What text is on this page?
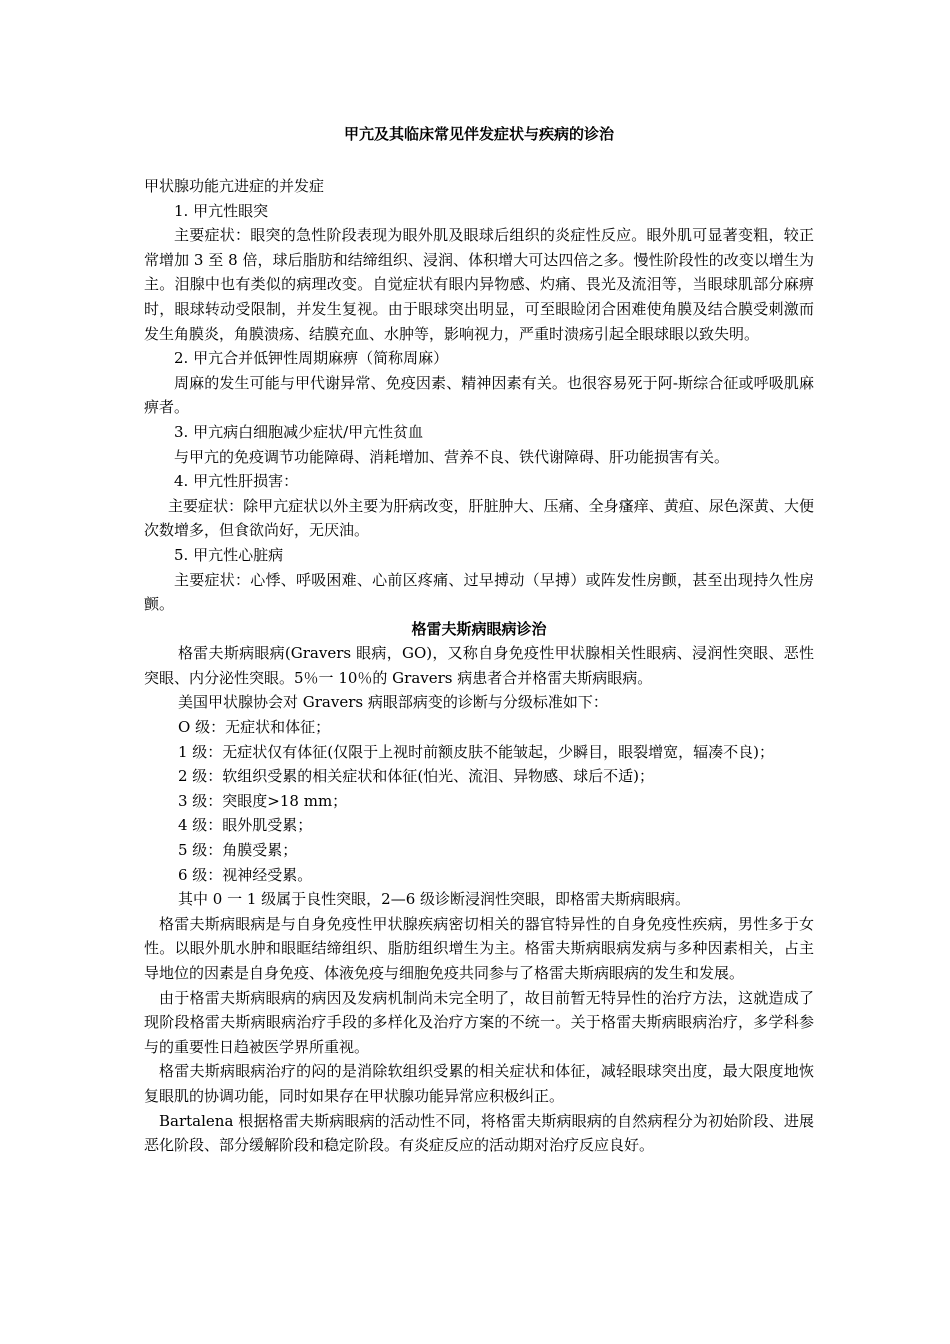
甲亢及其临床常见伴发症状与疾病的诊治

甲状腺功能亢进症的并发症

1. 甲亢性眼突

主要症状：眼突的急性阶段表现为眼外肌及眼球后组织的炎症性反应。眼外肌可显著变粗，较正常增加 3 至 8 倍，球后脂肪和结缔组织、浸润、体积增大可达四倍之多。慢性阶段性的改变以增生为主。泪腺中也有类似的病理改变。自觉症状有眼内异物感、灼痛、畏光及流泪等，当眼球肌部分麻痹时，眼球转动受限制，并发生复视。由于眼球突出明显，可至眼睑闭合困难使角膜及结合膜受刺激而发生角膜炎，角膜溃疡、结膜充血、水肿等，影响视力，严重时溃疡引起全眼球眼以致失明。

2. 甲亢合并低钾性周期麻痹（简称周麻）

周麻的发生可能与甲代谢异常、免疫因素、精神因素有关。也很容易死于阿-斯综合征或呼吸肌麻痹者。

3. 甲亢病白细胞减少症状/甲亢性贫血

与甲亢的免疫调节功能障碍、消耗增加、营养不良、铁代谢障碍、肝功能损害有关。

4. 甲亢性肝损害：

主要症状：除甲亢症状以外主要为肝病改变，肝脏肿大、压痛、全身瘙痒、黄疸、尿色深黄、大便次数增多，但食欲尚好，无厌油。

5. 甲亢性心脏病

主要症状：心悸、呼吸困难、心前区疼痛、过早搏动（早搏）或阵发性房颤，甚至出现持久性房颤。

格雷夫斯病眼病诊治

格雷夫斯病眼病(Gravers 眼病，GO)，又称自身免疫性甲状腺相关性眼病、浸润性突眼、恶性突眼、内分泌性突眼。5％一 10％的 Gravers 病患者合并格雷夫斯病眼病。

美国甲状腺协会对 Gravers 病眼部病变的诊断与分级标准如下：

O 级：无症状和体征；

1 级：无症状仅有体征(仅限于上视时前额皮肤不能皱起，少瞬目，眼裂增宽，辐凑不良)；

2 级：软组织受累的相关症状和体征(怕光、流泪、异物感、球后不适)；

3 级：突眼度>18 mm；

4 级：眼外肌受累；

5 级：角膜受累；

6 级：视神经受累。

其中 0 一 1 级属于良性突眼，2—6 级诊断浸润性突眼，即格雷夫斯病眼病。

格雷夫斯病眼病是与自身免疫性甲状腺疾病密切相关的器官特异性的自身免疫性疾病，男性多于女性。以眼外肌水肿和眼眶结缔组织、脂肪组织增生为主。格雷夫斯病眼病发病与多种因素相关，占主导地位的因素是自身免疫、体液免疫与细胞免疫共同参与了格雷夫斯病眼病的发生和发展。

由于格雷夫斯病眼病的病因及发病机制尚未完全明了，故目前暂无特异性的治疗方法，这就造成了现阶段格雷夫斯病眼病治疗手段的多样化及治疗方案的不统一。关于格雷夫斯病眼病治疗，多学科参与的重要性日趋被医学界所重视。

格雷夫斯病眼病治疗的闷的是消除软组织受累的相关症状和体征，减轻眼球突出度，最大限度地恢复眼肌的协调功能，同时如果存在甲状腺功能异常应积极纠正。

Bartalena 根据格雷夫斯病眼病的活动性不同，将格雷夫斯病眼病的自然病程分为初始阶段、进展恶化阶段、部分缓解阶段和稳定阶段。有炎症反应的活动期对治疗反应良好。
